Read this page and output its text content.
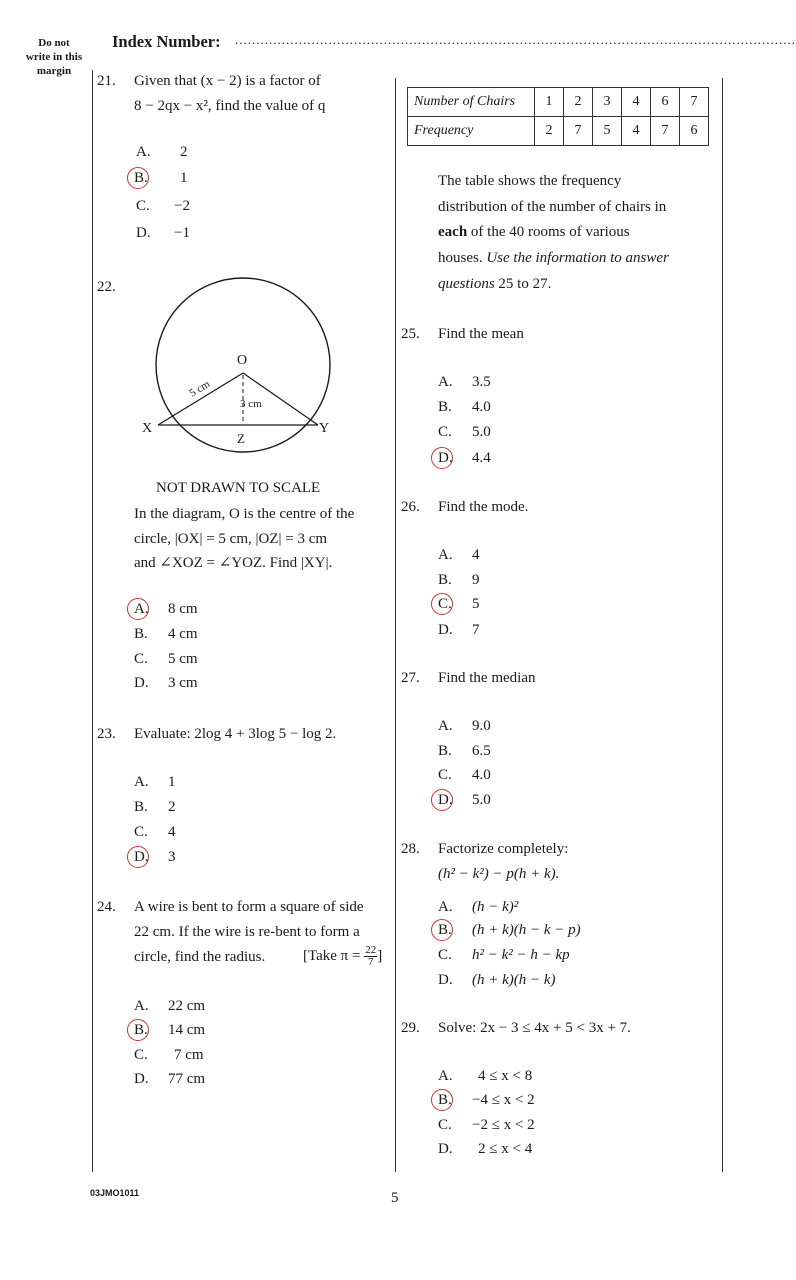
Do not
write in this
margin
Index Number: ....................................................................................................................................
21. Given that (x − 2) is a factor of
8 − 2qx − x², find the value of q
A. 2
B. 1
C. −2
D. −1
22.
O
X	Y
Z
5 cm
3 cm
NOT DRAWN TO SCALE
In the diagram, O is the centre of the
circle, |OX| = 5 cm, |OZ| = 3 cm
and ∠XOZ = ∠YOZ. Find |XY|.
A. 8 cm
B. 4 cm
C. 5 cm
D. 3 cm
23. Evaluate: 2log 4 + 3log 5 − log 2.
A. 1
B. 2
C. 4
D. 3
24. A wire is bent to form a square of side
22 cm. If the wire is re-bent to form a
circle, find the radius.	[Take $\pi = \frac{22}{7}$ ]
A. 22 cm
B. 14 cm
C. 7 cm
D. 77 cm
Number of Chairs	1	2	3	4	6	7
Frequency	2	7	5	4	7	6
The table shows the frequency
distribution of the number of chairs in
each of the 40 rooms of various
houses. Use the information to answer
questions 25 to 27.
25. Find the mean
A. 3.5
B. 4.0
C. 5.0
D. 4.4
26. Find the mode.
A. 4
B. 9
C. 5
D. 7
27. Find the median
A. 9.0
B. 6.5
C. 4.0
D. 5.0
28. Factorize completely:
(h² − k²) − p(h + k).
A. (h − k)²
B. (h + k)(h − k − p)
C. h² − k² − h − kp
D. (h + k)(h − k)
29. Solve: 2x − 3 ≤ 4x + 5 < 3x + 7.
A. 4 ≤ x < 8
B. −4 ≤ x < 2
C. −2 ≤ x < 2
D. 2 ≤ x < 4
03JMO1011	5
